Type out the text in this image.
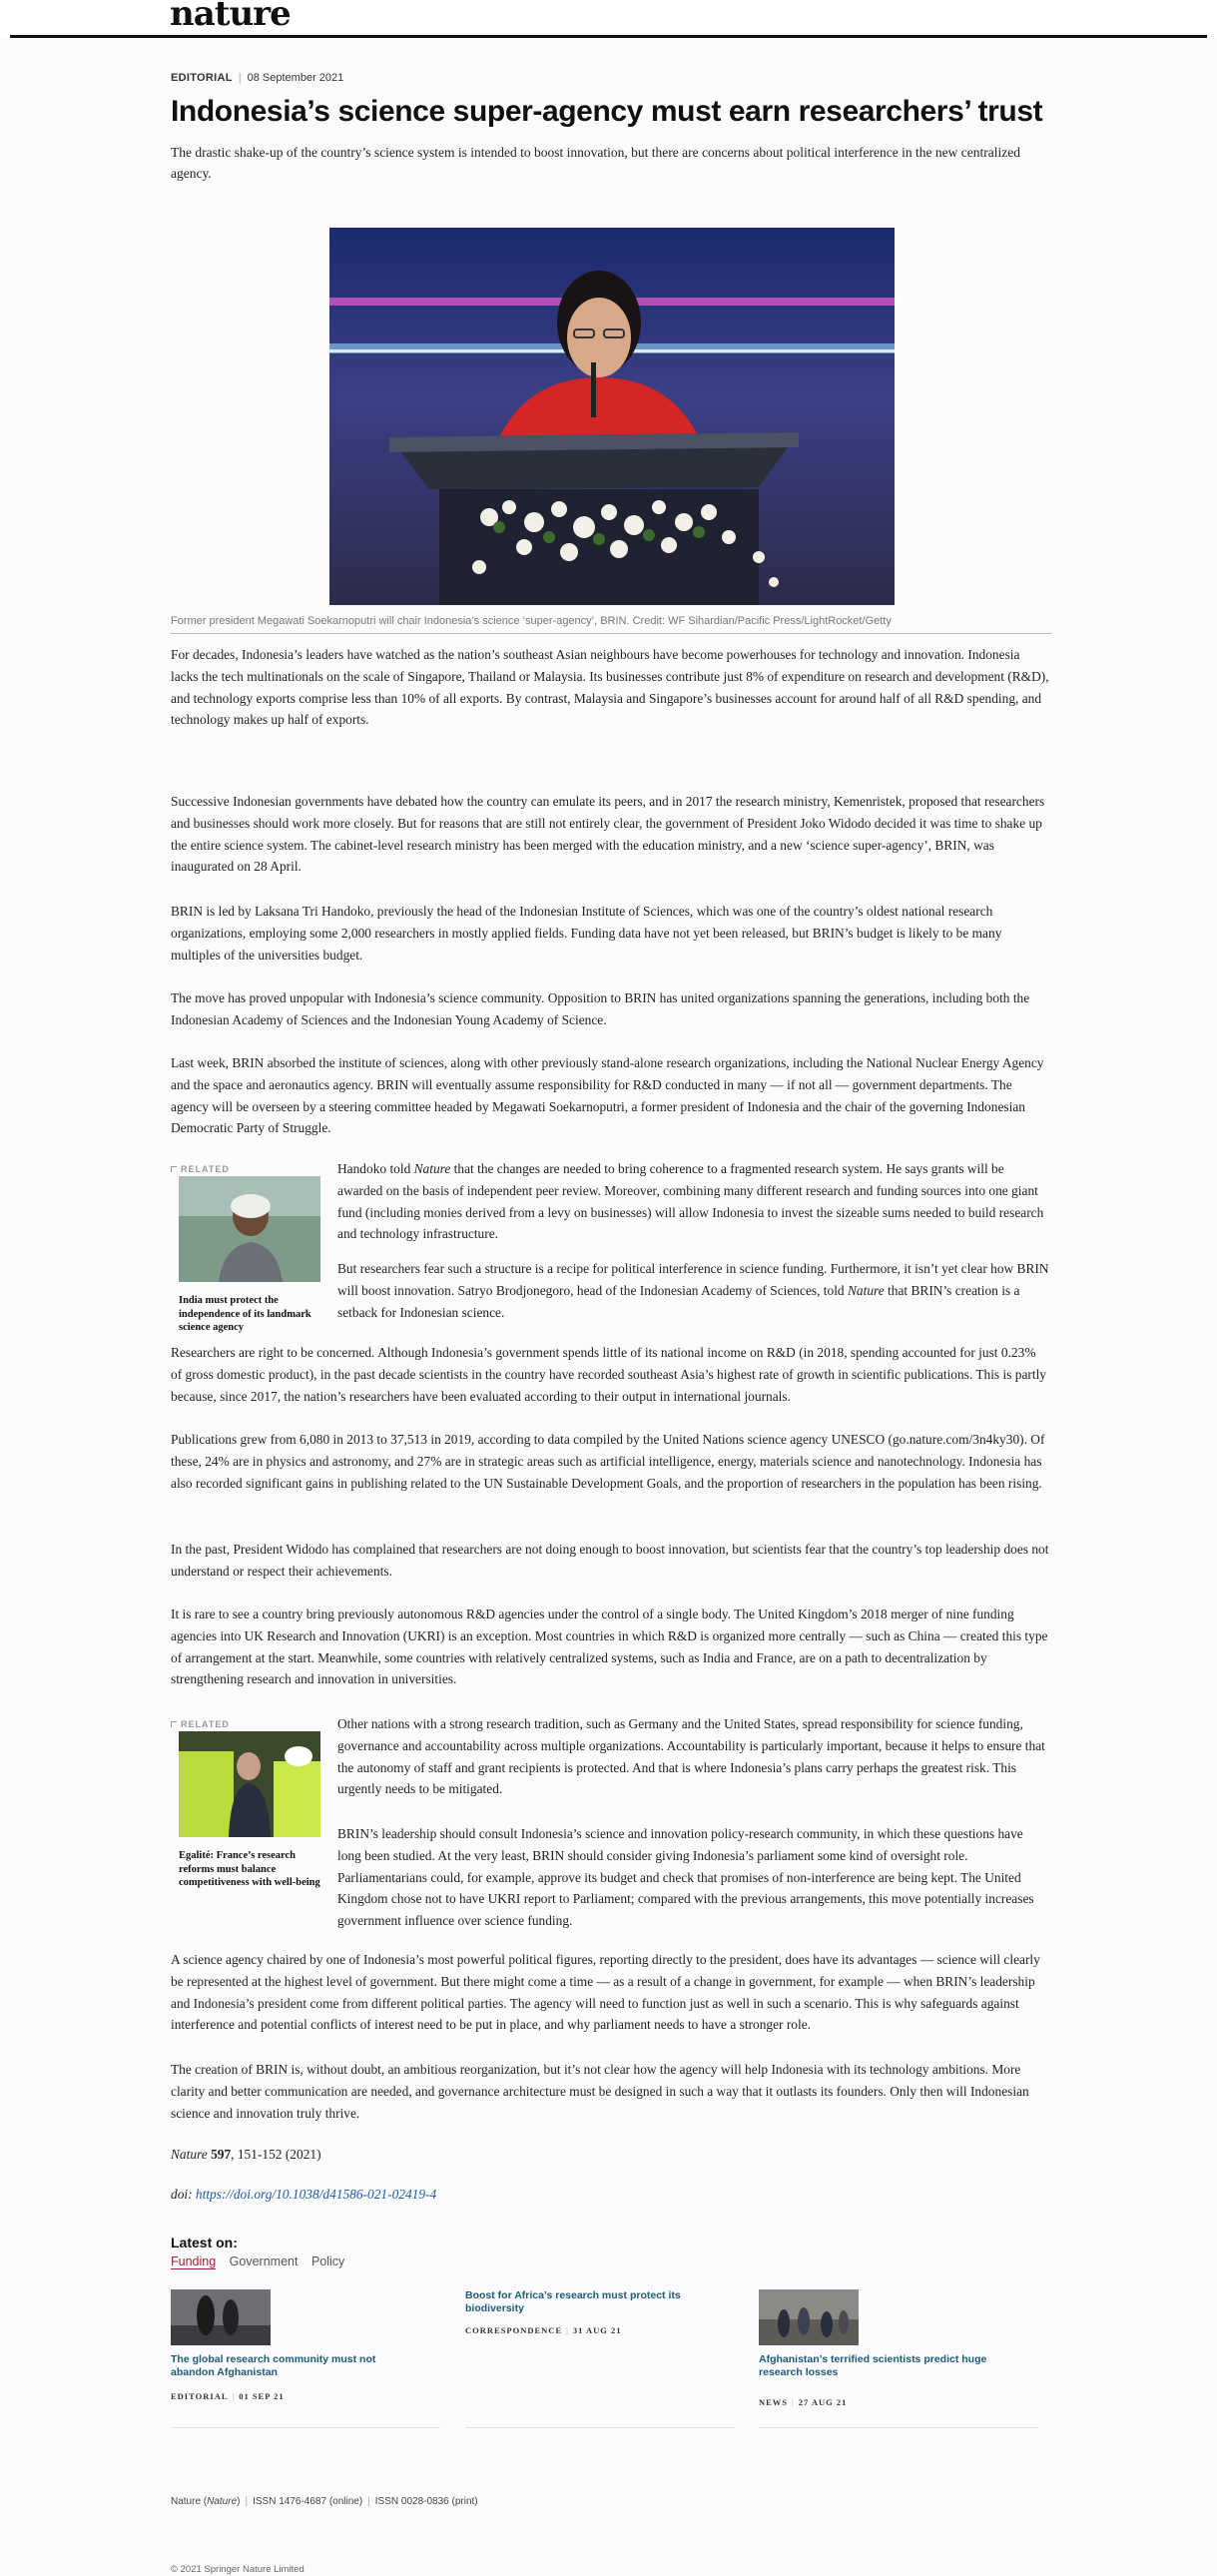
nature
EDITORIAL | 08 September 2021
Indonesia’s science super-agency must earn researchers’ trust

The drastic shake-up of the country’s science system is intended to boost innovation, but there are concerns about political interference in the new centralized agency.

Former president Megawati Soekarnoputri will chair Indonesia’s science ‘super-agency’, BRIN. Credit: WF Sihardian/Pacific Press/LightRocket/Getty

For decades, Indonesia’s leaders have watched as the nation’s southeast Asian neighbours have become powerhouses for technology and innovation. Indonesia lacks the tech multinationals on the scale of Singapore, Thailand or Malaysia. Its businesses contribute just 8% of expenditure on research and development (R&D), and technology exports comprise less than 10% of all exports. By contrast, Malaysia and Singapore’s businesses account for around half of all R&D spending, and technology makes up half of exports.

Successive Indonesian governments have debated how the country can emulate its peers, and in 2017 the research ministry, Kemenristek, proposed that researchers and businesses should work more closely. But for reasons that are still not entirely clear, the government of President Joko Widodo decided it was time to shake up the entire science system. The cabinet-level research ministry has been merged with the education ministry, and a new ‘science super-agency’, BRIN, was inaugurated on 28 April.

BRIN is led by Laksana Tri Handoko, previously the head of the Indonesian Institute of Sciences, which was one of the country’s oldest national research organizations, employing some 2,000 researchers in mostly applied fields. Funding data have not yet been released, but BRIN’s budget is likely to be many multiples of the universities budget.

The move has proved unpopular with Indonesia’s science community. Opposition to BRIN has united organizations spanning the generations, including both the Indonesian Academy of Sciences and the Indonesian Young Academy of Science.

Last week, BRIN absorbed the institute of sciences, along with other previously stand-alone research organizations, including the National Nuclear Energy Agency and the space and aeronautics agency. BRIN will eventually assume responsibility for R&D conducted in many — if not all — government departments. The agency will be overseen by a steering committee headed by Megawati Soekarnoputri, a former president of Indonesia and the chair of the governing Indonesian Democratic Party of Struggle.

RELATED
India must protect the independence of its landmark science agency

Handoko told Nature that the changes are needed to bring coherence to a fragmented research system. He says grants will be awarded on the basis of independent peer review. Moreover, combining many different research and funding sources into one giant fund (including monies derived from a levy on businesses) will allow Indonesia to invest the sizeable sums needed to build research and technology infrastructure.

But researchers fear such a structure is a recipe for political interference in science funding. Furthermore, it isn’t yet clear how BRIN will boost innovation. Satryo Brodjonegoro, head of the Indonesian Academy of Sciences, told Nature that BRIN’s creation is a setback for Indonesian science.

Researchers are right to be concerned. Although Indonesia’s government spends little of its national income on R&D (in 2018, spending accounted for just 0.23% of gross domestic product), in the past decade scientists in the country have recorded southeast Asia’s highest rate of growth in scientific publications. This is partly because, since 2017, the nation’s researchers have been evaluated according to their output in international journals.

Publications grew from 6,080 in 2013 to 37,513 in 2019, according to data compiled by the United Nations science agency UNESCO (go.nature.com/3n4ky30). Of these, 24% are in physics and astronomy, and 27% are in strategic areas such as artificial intelligence, energy, materials science and nanotechnology. Indonesia has also recorded significant gains in publishing related to the UN Sustainable Development Goals, and the proportion of researchers in the population has been rising.

In the past, President Widodo has complained that researchers are not doing enough to boost innovation, but scientists fear that the country’s top leadership does not understand or respect their achievements.

It is rare to see a country bring previously autonomous R&D agencies under the control of a single body. The United Kingdom’s 2018 merger of nine funding agencies into UK Research and Innovation (UKRI) is an exception. Most countries in which R&D is organized more centrally — such as China — created this type of arrangement at the start. Meanwhile, some countries with relatively centralized systems, such as India and France, are on a path to decentralization by strengthening research and innovation in universities.

RELATED
Egalité: France’s research reforms must balance competitiveness with well-being

Other nations with a strong research tradition, such as Germany and the United States, spread responsibility for science funding, governance and accountability across multiple organizations. Accountability is particularly important, because it helps to ensure that the autonomy of staff and grant recipients is protected. And that is where Indonesia’s plans carry perhaps the greatest risk. This urgently needs to be mitigated.

BRIN’s leadership should consult Indonesia’s science and innovation policy-research community, in which these questions have long been studied. At the very least, BRIN should consider giving Indonesia’s parliament some kind of oversight role. Parliamentarians could, for example, approve its budget and check that promises of non-interference are being kept. The United Kingdom chose not to have UKRI report to Parliament; compared with the previous arrangements, this move potentially increases government influence over science funding.

A science agency chaired by one of Indonesia’s most powerful political figures, reporting directly to the president, does have its advantages — science will clearly be represented at the highest level of government. But there might come a time — as a result of a change in government, for example — when BRIN’s leadership and Indonesia’s president come from different political parties. The agency will need to function just as well in such a scenario. This is why safeguards against interference and potential conflicts of interest need to be put in place, and why parliament needs to have a stronger role.

The creation of BRIN is, without doubt, an ambitious reorganization, but it’s not clear how the agency will help Indonesia with its technology ambitions. More clarity and better communication are needed, and governance architecture must be designed in such a way that it outlasts its founders. Only then will Indonesian science and innovation truly thrive.

Nature 597, 151-152 (2021)
doi: https://doi.org/10.1038/d41586-021-02419-4
Latest on:
Funding Government Policy
The global research community must not abandon Afghanistan
EDITORIAL | 01 SEP 21
Boost for Africa’s research must protect its biodiversity
CORRESPONDENCE | 31 AUG 21
Afghanistan’s terrified scientists predict huge research losses
NEWS | 27 AUG 21
Nature (Nature) | ISSN 1476-4687 (online) | ISSN 0028-0836 (print)
© 2021 Springer Nature Limited
